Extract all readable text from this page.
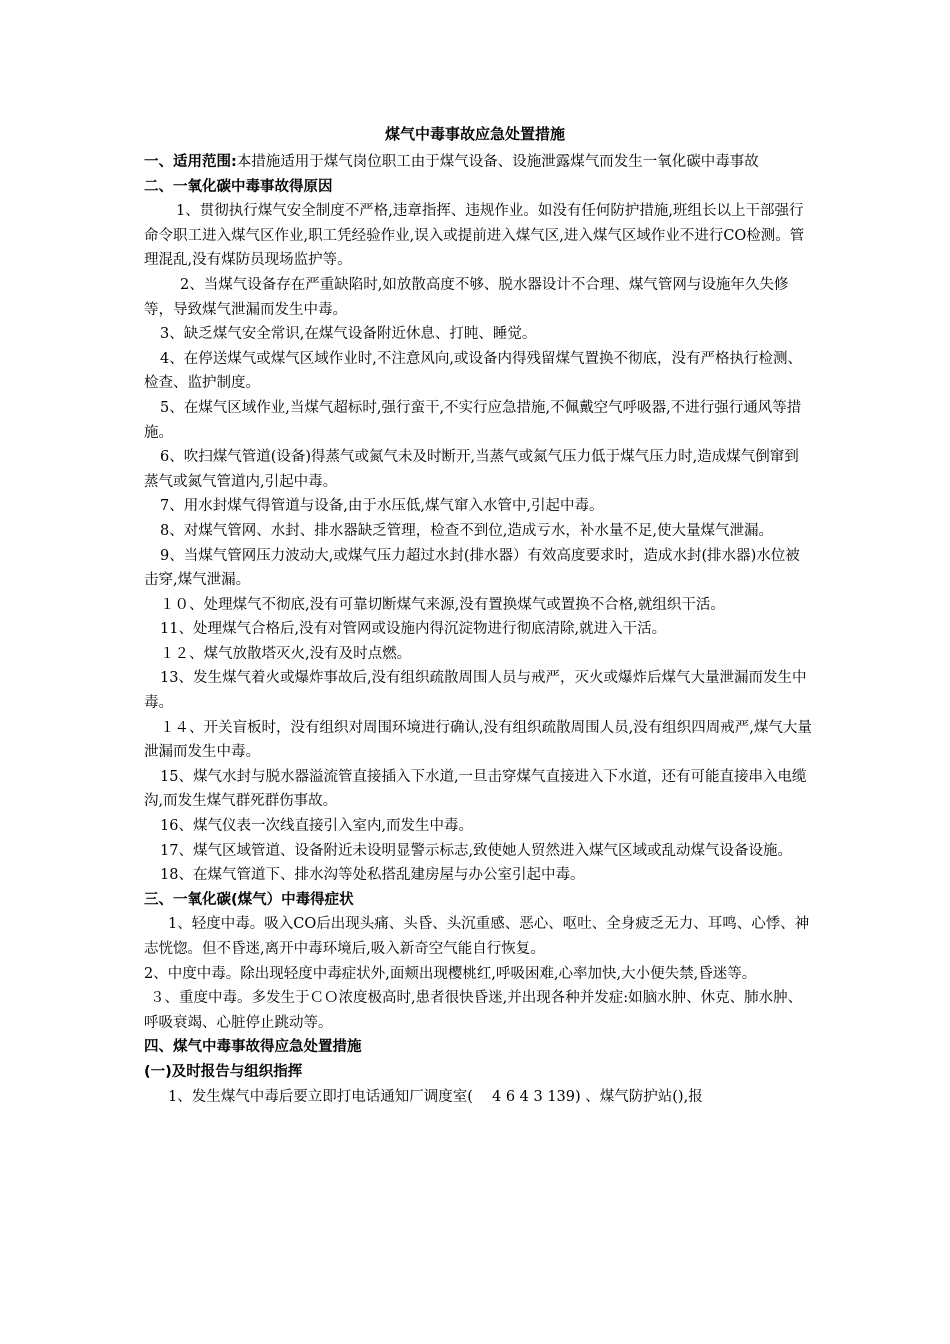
煤气中毒事故应急处置措施
一、适用范围: 本措施适用于煤气岗位职工由于煤气设备、设施泄露煤气而发生一氧化碳中毒事故

二、一氧化碳中毒事故得原因

1、贯彻执行煤气安全制度不严格,违章指挥、违规作业。如没有任何防护措施,班组长以上干部强行命令职工进入煤气区作业,职工凭经验作业,误入或提前进入煤气区,进入煤气区域作业不进行CO检测。管理混乱,没有煤防员现场监护等。

2、当煤气设备存在严重缺陷时,如放散高度不够、脱水器设计不合理、煤气管网与设施年久失修等，导致煤气泄漏而发生中毒。

3、缺乏煤气安全常识,在煤气设备附近休息、打盹、睡觉。

4、在停送煤气或煤气区域作业时,不注意风向,或设备内得残留煤气置换不彻底，没有严格执行检测、检查、监护制度。

5、在煤气区域作业,当煤气超标时,强行蛮干,不实行应急措施,不佩戴空气呼吸器,不进行强行通风等措施。

6、吹扫煤气管道(设备)得蒸气或氮气未及时断开,当蒸气或氮气压力低于煤气压力时,造成煤气倒窜到蒸气或氮气管道内,引起中毒。

7、用水封煤气得管道与设备,由于水压低,煤气窜入水管中,引起中毒。

8、对煤气管网、水封、排水器缺乏管理，检查不到位,造成亏水，补水量不足,使大量煤气泄漏。

9、当煤气管网压力波动大,或煤气压力超过水封(排水器）有效高度要求时，造成水封(排水器)水位被击穿,煤气泄漏。

１０、处理煤气不彻底,没有可靠切断煤气来源,没有置换煤气或置换不合格,就组织干活。

11、处理煤气合格后,没有对管网或设施内得沉淀物进行彻底清除,就进入干活。

１２、煤气放散塔灭火,没有及时点燃。

13、发生煤气着火或爆炸事故后,没有组织疏散周围人员与戒严，灭火或爆炸后煤气大量泄漏而发生中毒。

１４、开关盲板时，没有组织对周围环境进行确认,没有组织疏散周围人员,没有组织四周戒严,煤气大量泄漏而发生中毒。

15、煤气水封与脱水器溢流管直接插入下水道,一旦击穿煤气直接进入下水道，还有可能直接串入电缆沟,而发生煤气群死群伤事故。

16、煤气仪表一次线直接引入室内,而发生中毒。

17、煤气区域管道、设备附近未设明显警示标志,致使她人贸然进入煤气区域或乱动煤气设备设施。

18、在煤气管道下、排水沟等处私搭乱建房屋与办公室引起中毒。

三、一氧化碳(煤气）中毒得症状

1、轻度中毒。吸入CO后出现头痛、头昏、头沉重感、恶心、呕吐、全身疲乏无力、耳鸣、心悸、神志恍惚。但不昏迷,离开中毒环境后,吸入新奇空气能自行恢复。

2、中度中毒。除出现轻度中毒症状外,面颊出现樱桃红,呼吸困难,心率加快,大小便失禁,昏迷等。

３、重度中毒。多发生于ＣＯ浓度极高时,患者很快昏迷,并出现各种并发症:如脑水肿、休克、肺水肿、呼吸衰竭、心脏停止跳动等。

四、煤气中毒事故得应急处置措施

(一)及时报告与组织指挥

1、发生煤气中毒后要立即打电话通知厂调度室(　 4 6 4 3 139) 、煤气防护站(),报
